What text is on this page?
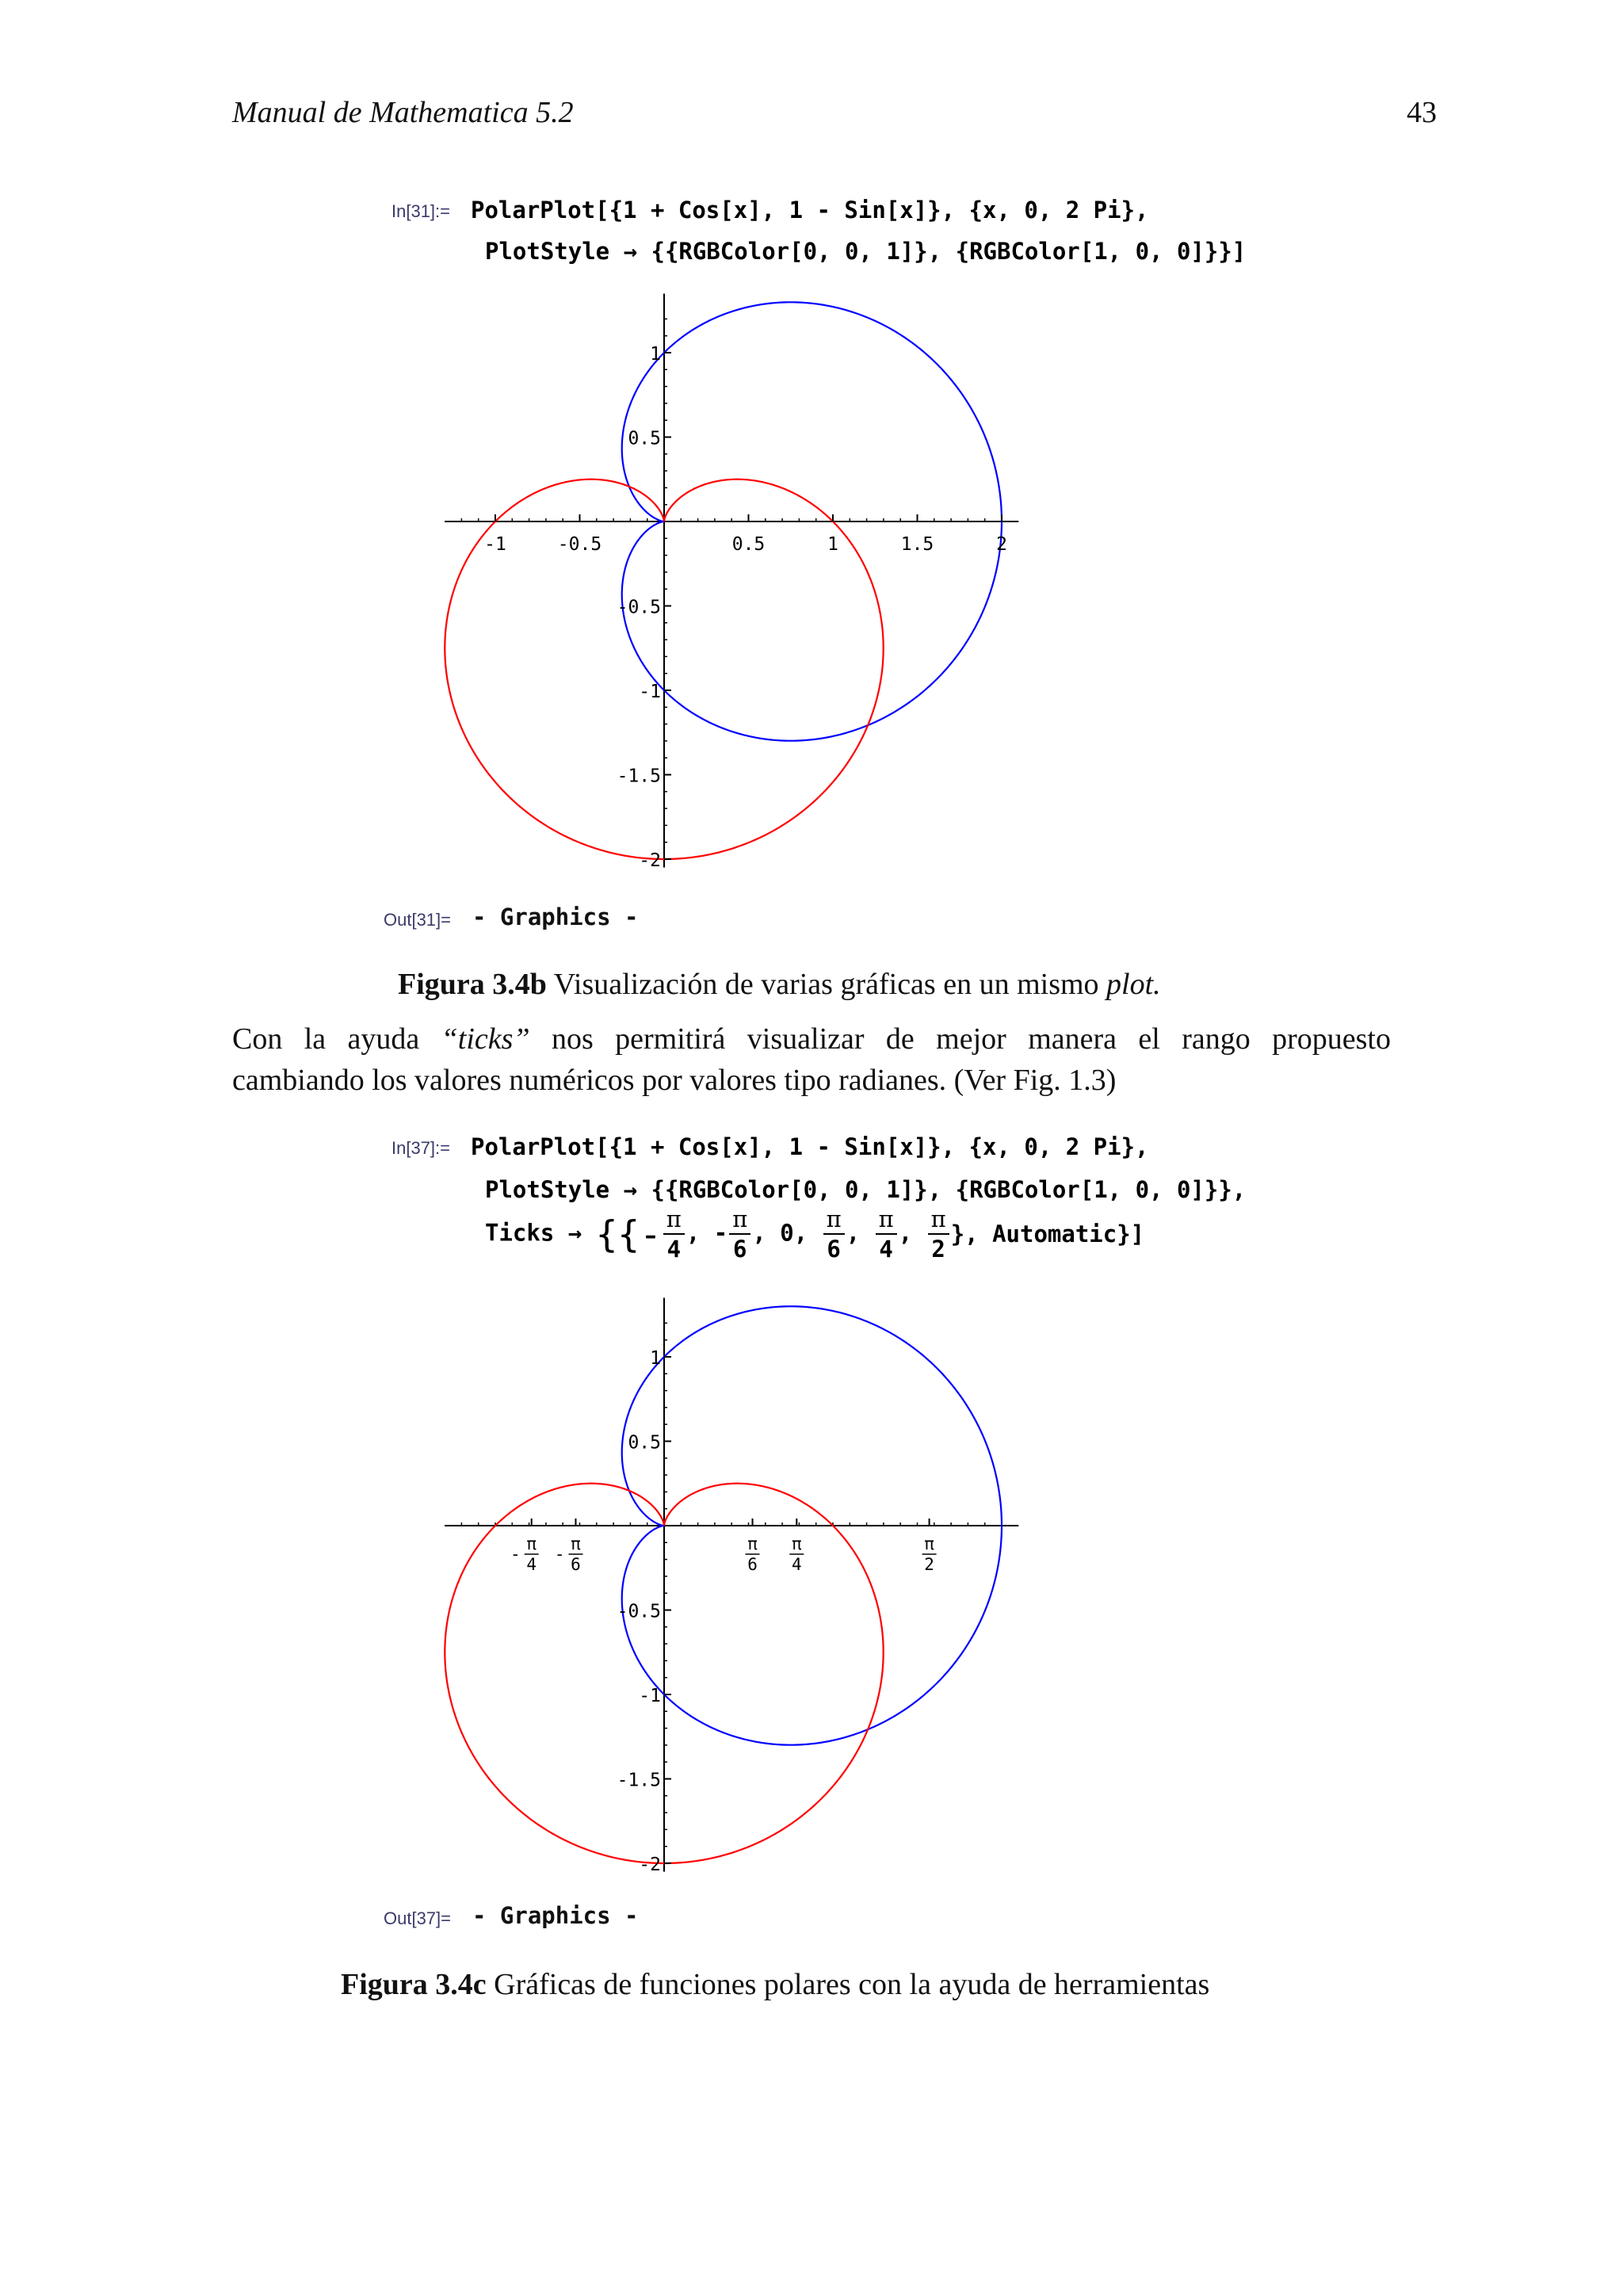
Manual de Mathematica 5.2	43
In[31]:= PolarPlot[{1 + Cos[x], 1 - Sin[x]}, {x, 0, 2 Pi},
PlotStyle → {{RGBColor[0, 0, 1]}, {RGBColor[1, 0, 0]}}]
-1	-0.5	0.5	1	1.5	2
1
0.5
-0.5
-1
-1.5
-2
Out[31]= - Graphics -
Figura 3.4b Visualización de varias gráficas en un mismo plot.
Con la ayuda “ticks” nos permitirá visualizar de mejor manera el rango propuesto
cambiando los valores numéricos por valores tipo radianes. (Ver Fig. 1.3)
In[37]:= PolarPlot[{1 + Cos[x], 1 - Sin[x]}, {x, 0, 2 Pi},
PlotStyle → {{RGBColor[0, 0, 1]}, {RGBColor[1, 0, 0]}},
Ticks → {{- $\frac{\pi}{4}$ , - $\frac{\pi}{6}$ , 0, $\frac{\pi}{6}$ , $\frac{\pi}{4}$ , $\frac{\pi}{2}$ }, Automatic}]
π
4
-
π
6
-
π
6
π
4
π
2
1
0.5
-0.5
-1
-1.5
-2
Out[37]= - Graphics -
Figura 3.4c Gráficas de funciones polares con la ayuda de herramientas
